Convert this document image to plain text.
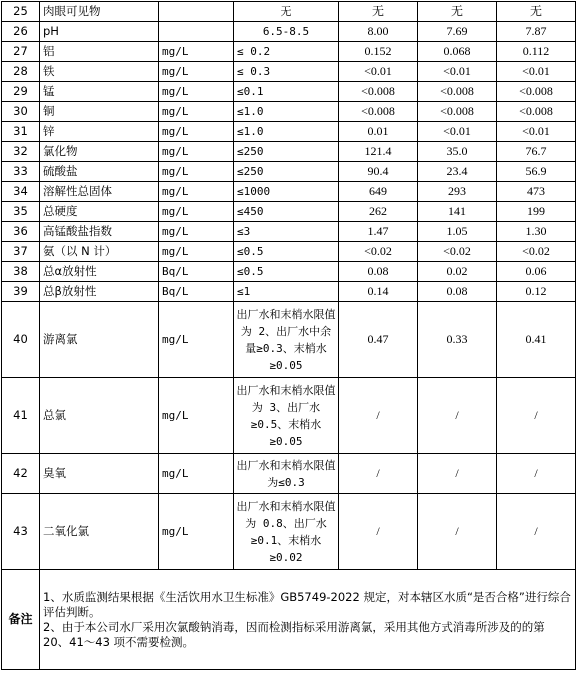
25	肉眼可见物		无	无	无	无
26	pH		6.5-8.5	8.00	7.69	7.87
27	铝	mg/L	≤ 0.2	0.152	0.068	0.112
28	铁	mg/L	≤ 0.3	<0.01	<0.01	<0.01
29	锰	mg/L	≤0.1	<0.008	<0.008	<0.008
30	铜	mg/L	≤1.0	<0.008	<0.008	<0.008
31	锌	mg/L	≤1.0	0.01	<0.01	<0.01
32	氯化物	mg/L	≤250	121.4	35.0	76.7
33	硫酸盐	mg/L	≤250	90.4	23.4	56.9
34	溶解性总固体	mg/L	≤1000	649	293	473
35	总硬度	mg/L	≤450	262	141	199
36	高锰酸盐指数	mg/L	≤3	1.47	1.05	1.30
37	氨（以 N 计）	mg/L	≤0.5	<0.02	<0.02	<0.02
38	总α放射性	Bq/L	≤0.5	0.08	0.02	0.06
39	总β放射性	Bq/L	≤1	0.14	0.08	0.12
40	游离氯	mg/L	出厂水和末梢水限值为 2、出厂水中余量≥0.3、末梢水≥0.05	0.47	0.33	0.41
41	总氯	mg/L	出厂水和末梢水限值为 3、出厂水≥0.5、末梢水≥0.05	/	/	/
42	臭氧	mg/L	出厂水和末梢水限值为≤0.3	/	/	/
43	二氧化氯	mg/L	出厂水和末梢水限值为 0.8、出厂水≥0.1、末梢水≥0.02	/	/	/
备注	1、水质监测结果根据《生活饮用水卫生标准》GB5749-2022 规定，对本辖区水质“是否合格”进行综合评估判断。
2、由于本公司水厂采用次氯酸钠消毒，因而检测指标采用游离氯，采用其他方式消毒所涉及的的第 20、41～43 项不需要检测。					
